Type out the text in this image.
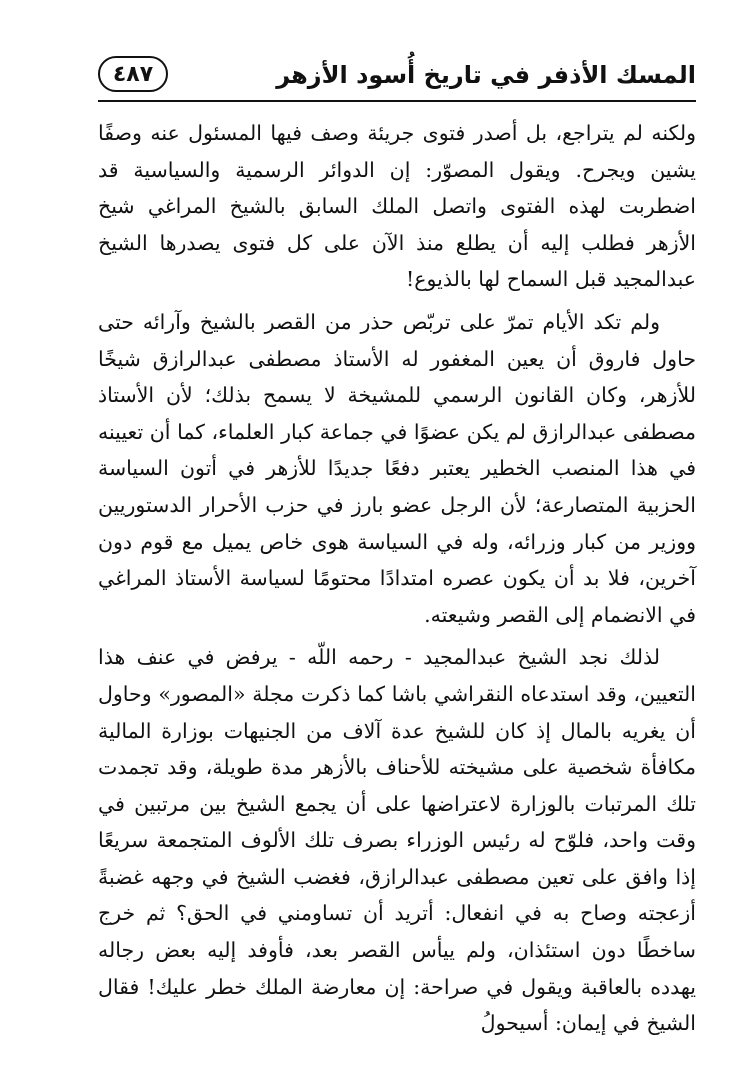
المسك الأذفر في تاريخ أُسود الأزهر
٤٨٧

ولكنه لم يتراجع، بل أصدر فتوى جريئة وصف فيها المسئول عنه وصفًا يشين ويجرح. ويقول المصوّر: إن الدوائر الرسمية والسياسية قد اضطربت لهذه الفتوى واتصل الملك السابق بالشيخ المراغي شيخ الأزهر فطلب إليه أن يطلع منذ الآن على كل فتوى يصدرها الشيخ عبدالمجيد قبل السماح لها بالذيوع!

ولم تكد الأيام تمرّ على تربّص حذر من القصر بالشيخ وآرائه حتى حاول فاروق أن يعين المغفور له الأستاذ مصطفى عبدالرازق شيخًا للأزهر، وكان القانون الرسمي للمشيخة لا يسمح بذلك؛ لأن الأستاذ مصطفى عبدالرازق لم يكن عضوًا في جماعة كبار العلماء، كما أن تعيينه في هذا المنصب الخطير يعتبر دفعًا جديدًا للأزهر في أتون السياسة الحزبية المتصارعة؛ لأن الرجل عضو بارز في حزب الأحرار الدستوريين ووزير من كبار وزرائه، وله في السياسة هوى خاص يميل مع قوم دون آخرين، فلا بد أن يكون عصره امتدادًا محتومًا لسياسة الأستاذ المراغي في الانضمام إلى القصر وشيعته.

لذلك نجد الشيخ عبدالمجيد - رحمه اللّه - يرفض في عنف هذا التعيين، وقد استدعاه النقراشي باشا كما ذكرت مجلة «المصور» وحاول أن يغريه بالمال إذ كان للشيخ عدة آلاف من الجنيهات بوزارة المالية مكافأة شخصية على مشيخته للأحناف بالأزهر مدة طويلة، وقد تجمدت تلك المرتبات بالوزارة لاعتراضها على أن يجمع الشيخ بين مرتبين في وقت واحد، فلوّح له رئيس الوزراء بصرف تلك الألوف المتجمعة سريعًا إذا وافق على تعين مصطفى عبدالرازق، فغضب الشيخ في وجهه غضبةً أزعجته وصاح به في انفعال: أتريد أن تساومني في الحق؟ ثم خرج ساخطًا دون استئذان، ولم ييأس القصر بعد، فأوفد إليه بعض رجاله يهدده بالعاقبة ويقول في صراحة: إن معارضة الملك خطر عليك! فقال الشيخ في إيمان: أسيحولُ
